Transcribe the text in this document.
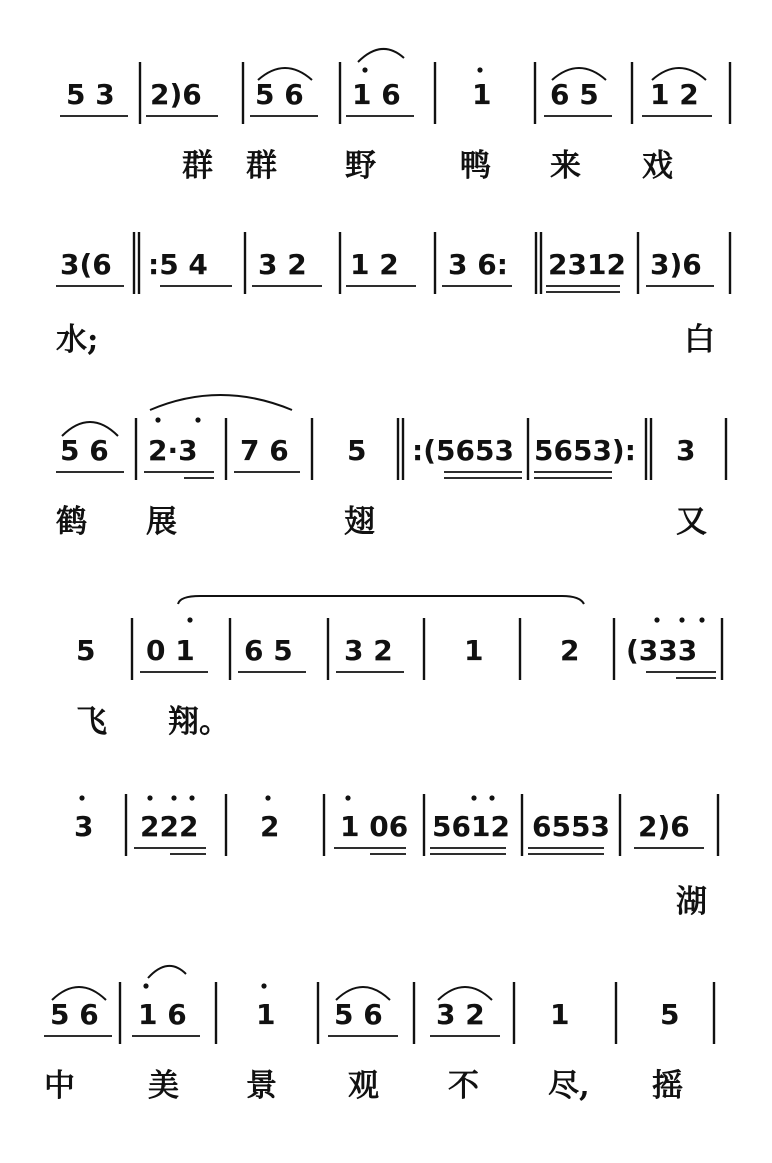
5 3 2)6 5 6 1 6	1 6 5 1 2
群 群 野	鸭 来 戏
3(6 :5 4 3 2 1 2 3 6: 2312 3)6
水;	白
5 6 2·3 7 6 5 :(5653 5653): 3
鹤 展	翅	又
5 0 1 6 5 3 2	1	2 (333
飞 翔。
3 222 2 1 06 5612 6553 2)6
湖
5 6 1 6 1 5 6 3 2 1	5
中 美 景 观 不 尽, 摇
